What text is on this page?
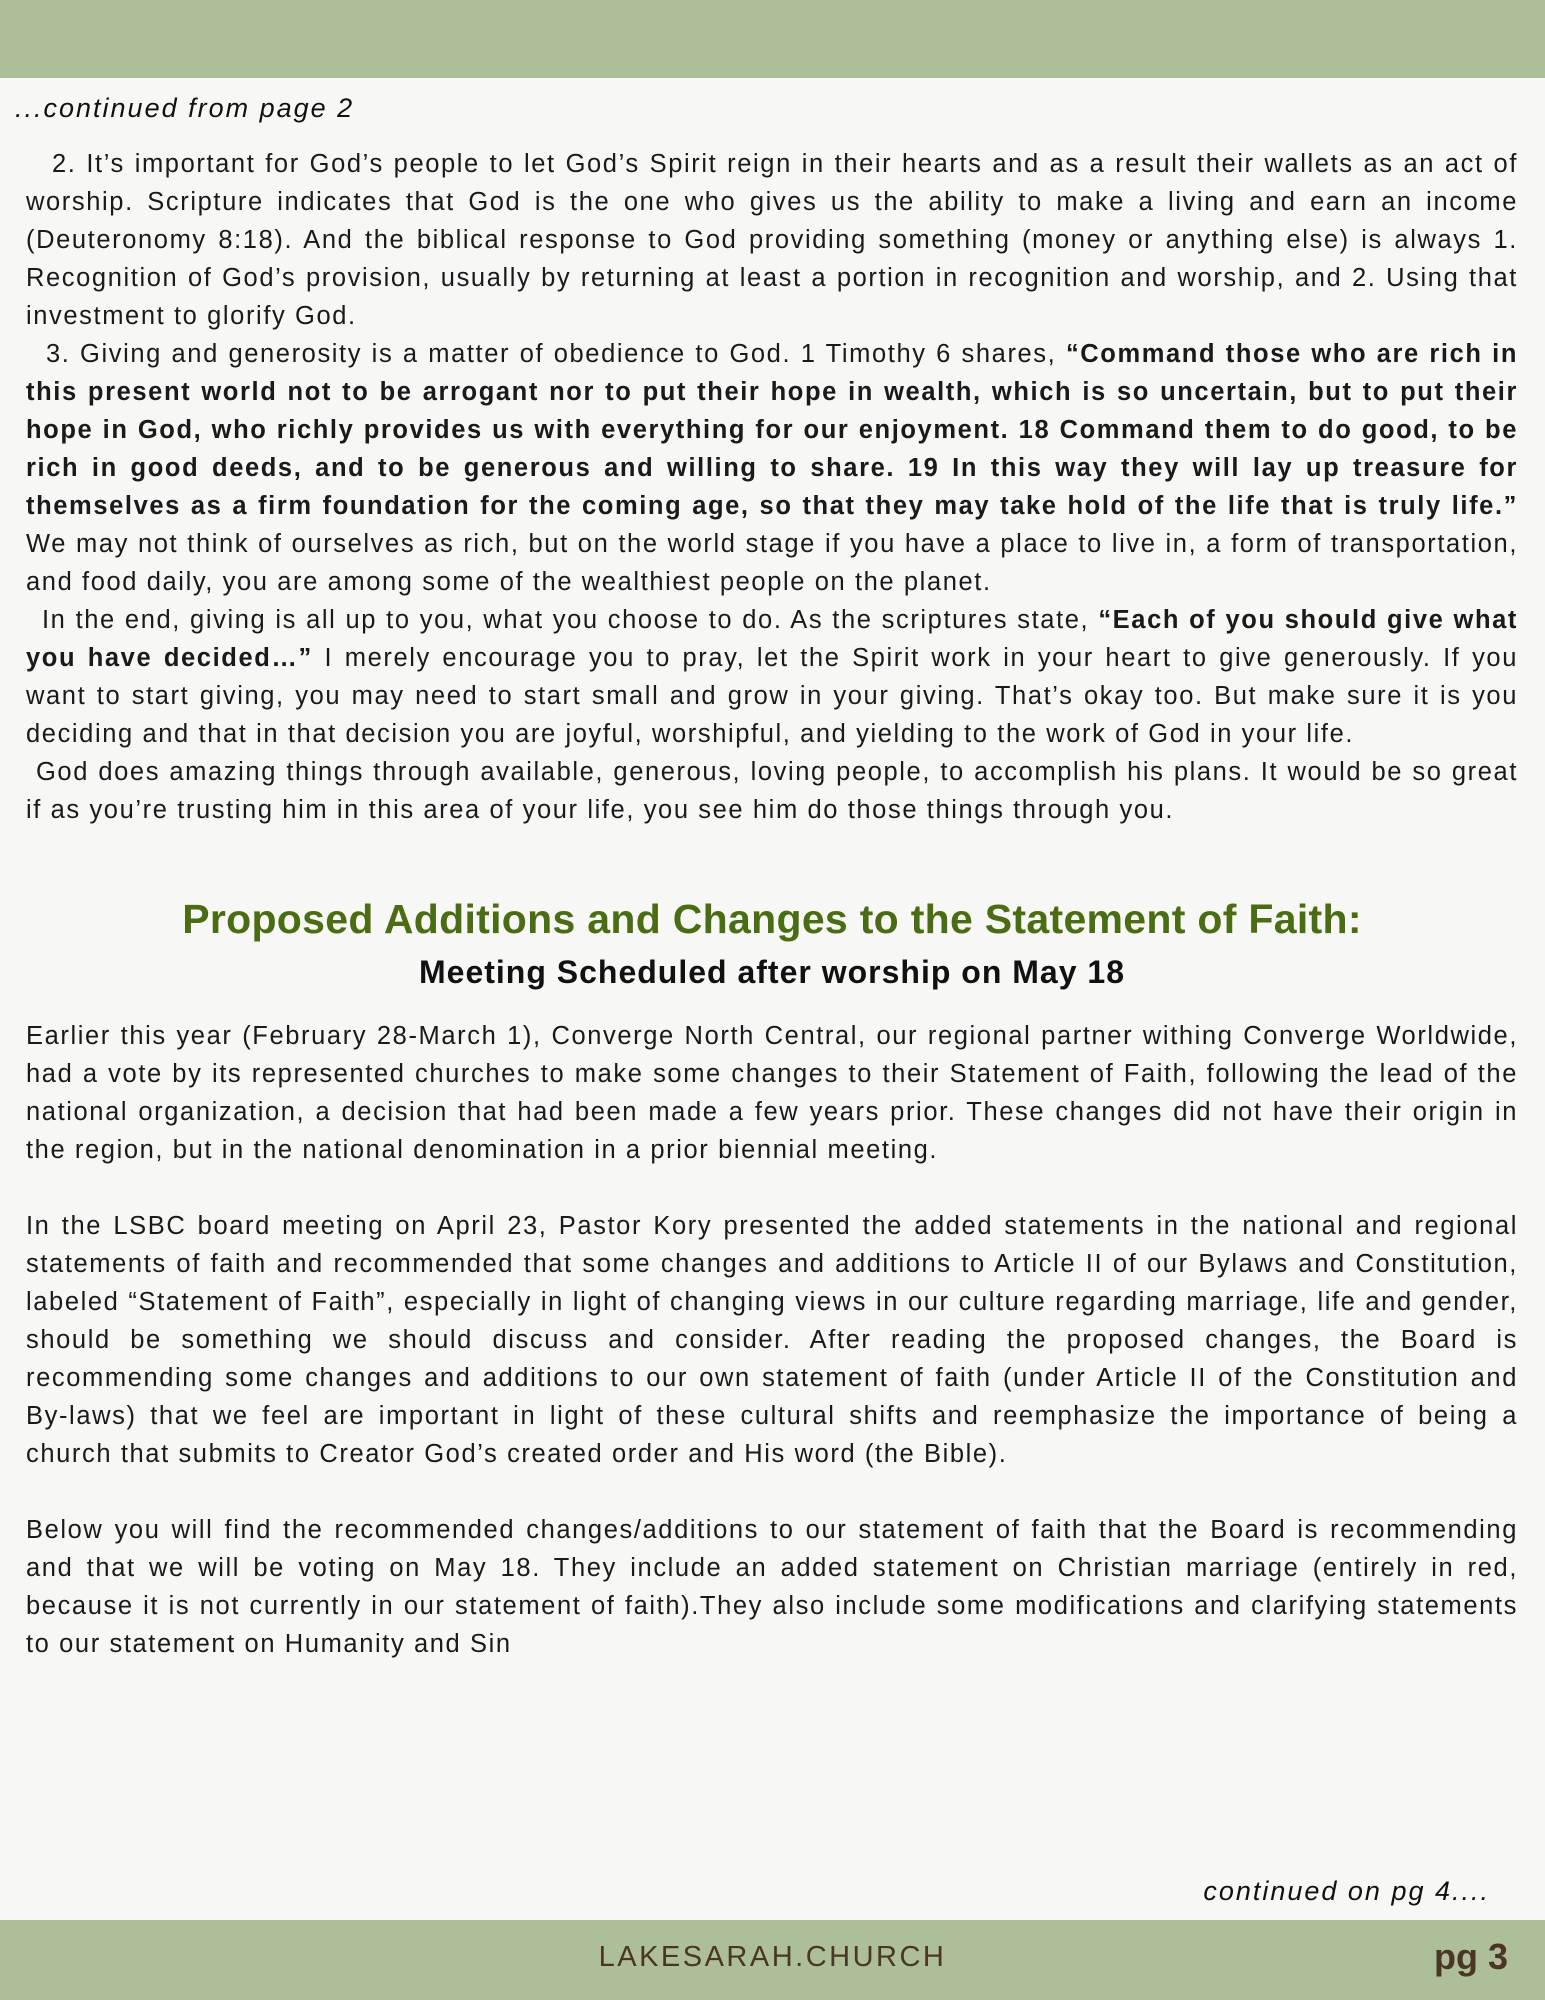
...continued from page 2

2. It’s important for God’s people to let God’s Spirit reign in their hearts and as a result their wallets as an act of worship. Scripture indicates that God is the one who gives us the ability to make a living and earn an income (Deuteronomy 8:18). And the biblical response to God providing something (money or anything else) is always 1. Recognition of God’s provision, usually by returning at least a portion in recognition and worship, and 2. Using that investment to glorify God.

3. Giving and generosity is a matter of obedience to God. 1 Timothy 6 shares, “Command those who are rich in this present world not to be arrogant nor to put their hope in wealth, which is so uncertain, but to put their hope in God, who richly provides us with everything for our enjoyment. 18 Command them to do good, to be rich in good deeds, and to be generous and willing to share. 19 In this way they will lay up treasure for themselves as a firm foundation for the coming age, so that they may take hold of the life that is truly life.” We may not think of ourselves as rich, but on the world stage if you have a place to live in, a form of transportation, and food daily, you are among some of the wealthiest people on the planet.

In the end, giving is all up to you, what you choose to do. As the scriptures state, “Each of you should give what you have decided…” I merely encourage you to pray, let the Spirit work in your heart to give generously. If you want to start giving, you may need to start small and grow in your giving. That’s okay too. But make sure it is you deciding and that in that decision you are joyful, worshipful, and yielding to the work of God in your life.

God does amazing things through available, generous, loving people, to accomplish his plans. It would be so great if as you’re trusting him in this area of your life, you see him do those things through you.

Proposed Additions and Changes to the Statement of Faith:
Meeting Scheduled after worship on May 18

Earlier this year (February 28-March 1), Converge North Central, our regional partner withing Converge Worldwide, had a vote by its represented churches to make some changes to their Statement of Faith, following the lead of the national organization, a decision that had been made a few years prior. These changes did not have their origin in the region, but in the national denomination in a prior biennial meeting.

In the LSBC board meeting on April 23, Pastor Kory presented the added statements in the national and regional statements of faith and recommended that some changes and additions to Article II of our Bylaws and Constitution, labeled “Statement of Faith”, especially in light of changing views in our culture regarding marriage, life and gender, should be something we should discuss and consider. After reading the proposed changes, the Board is recommending some changes and additions to our own statement of faith (under Article II of the Constitution and By-laws) that we feel are important in light of these cultural shifts and reemphasize the importance of being a church that submits to Creator God’s created order and His word (the Bible).

Below you will find the recommended changes/additions to our statement of faith that the Board is recommending and that we will be voting on May 18. They include an added statement on Christian marriage (entirely in red, because it is not currently in our statement of faith).They also include some modifications and clarifying statements to our statement on Humanity and Sin

continued on pg 4....
LAKESARAH.CHURCH	pg 3
